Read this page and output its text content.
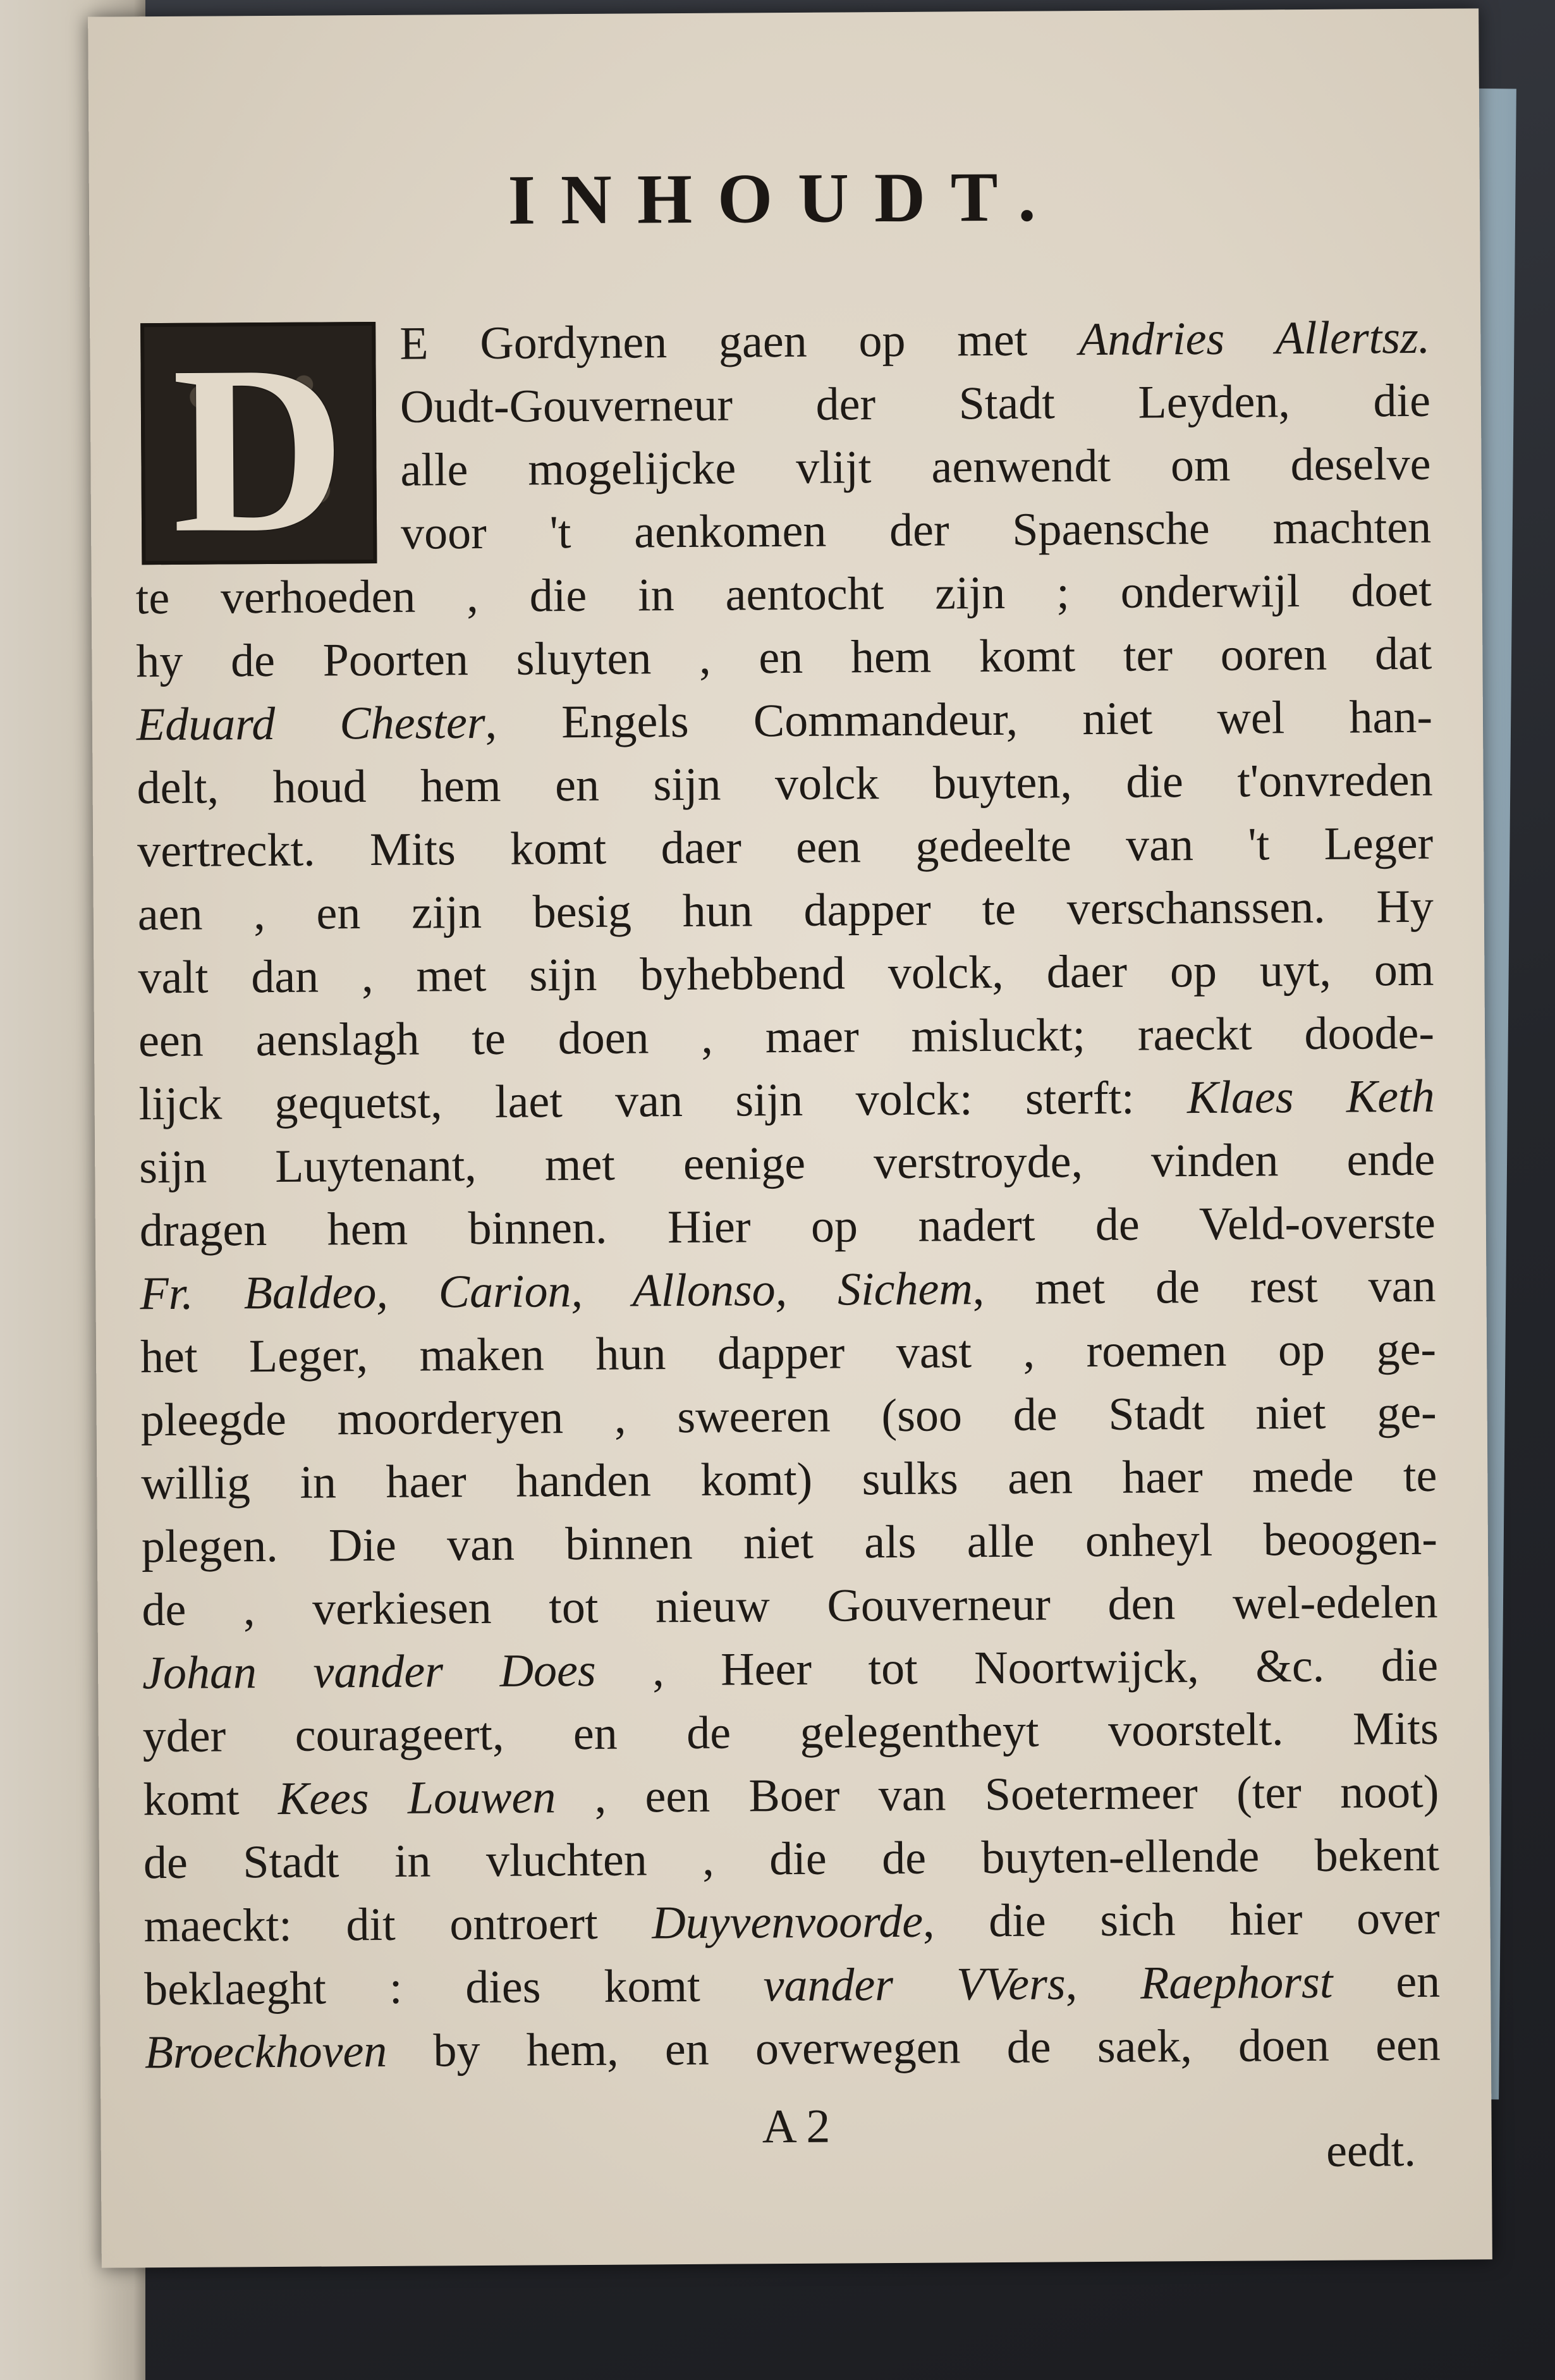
INHOUDT.
D E Gordynen gaen op met Andries Allertsz.
Oudt-Gouverneur der Stadt Leyden, die
alle mogelijcke vlijt aenwendt om deselve
voor 't aenkomen der Spaensche machten
te verhoeden , die in aentocht zijn ; onderwijl doet
hy de Poorten sluyten , en hem komt ter ooren dat
Eduard Chester, Engels Commandeur, niet wel han-
delt, houd hem en sijn volck buyten, die t'onvreden
vertreckt. Mits komt daer een gedeelte van 't Leger
aen , en zijn besig hun dapper te verschanssen. Hy
valt dan , met sijn byhebbend volck, daer op uyt, om
een aenslagh te doen , maer misluckt; raeckt doode-
lijck gequetst, laet van sijn volck: sterft: Klaes Keth
sijn Luytenant, met eenige verstroyde, vinden ende
dragen hem binnen. Hier op nadert de Veld-overste
Fr. Baldeo, Carion, Allonso, Sichem, met de rest van
het Leger, maken hun dapper vast , roemen op ge-
pleegde moorderyen , sweeren (soo de Stadt niet ge-
willig in haer handen komt) sulks aen haer mede te
plegen. Die van binnen niet als alle onheyl beoogen-
de , verkiesen tot nieuw Gouverneur den wel-edelen
Johan vander Does , Heer tot Noortwijck, &c. die
yder courageert, en de gelegentheyt voorstelt. Mits
komt Kees Louwen , een Boer van Soetermeer (ter noot)
de Stadt in vluchten , die de buyten-ellende bekent
maeckt: dit ontroert Duyvenvoorde, die sich hier over
beklaeght : dies komt vander VVers, Raephorst en
Broeckhoven by hem, en overwegen de saek, doen een
A 2	eedt.
